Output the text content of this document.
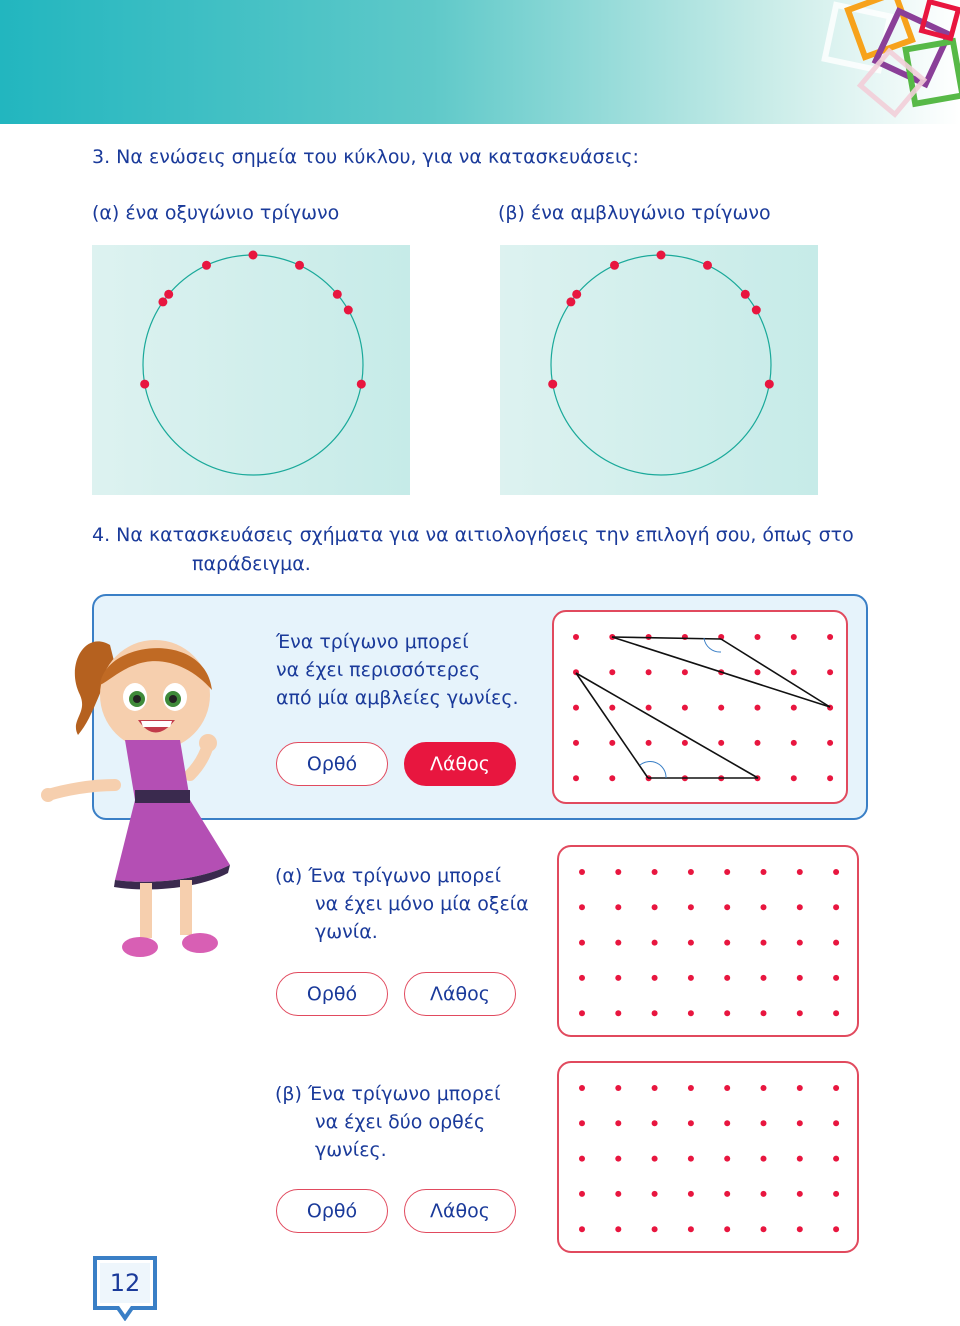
3. Να ενώσεις σημεία του κύκλου, για να κατασκευάσεις:
(α) ένα οξυγώνιο τρίγωνο	(β) ένα αμβλυγώνιο τρίγωνο
4. Να κατασκευάσεις σχήματα για να αιτιολογήσεις την επιλογή σου, όπως στο
παράδειγμα.
Ένα τρίγωνο μπορεί
να έχει περισσότερες
από μία αμβλείες γωνίες.
Ορθό	Λάθος
(α) Ένα τρίγωνο μπορεί
να έχει μόνο μία οξεία
γωνία.
Ορθό	Λάθος
(β) Ένα τρίγωνο μπορεί
να έχει δύο ορθές
γωνίες.
Ορθό	Λάθος
12
